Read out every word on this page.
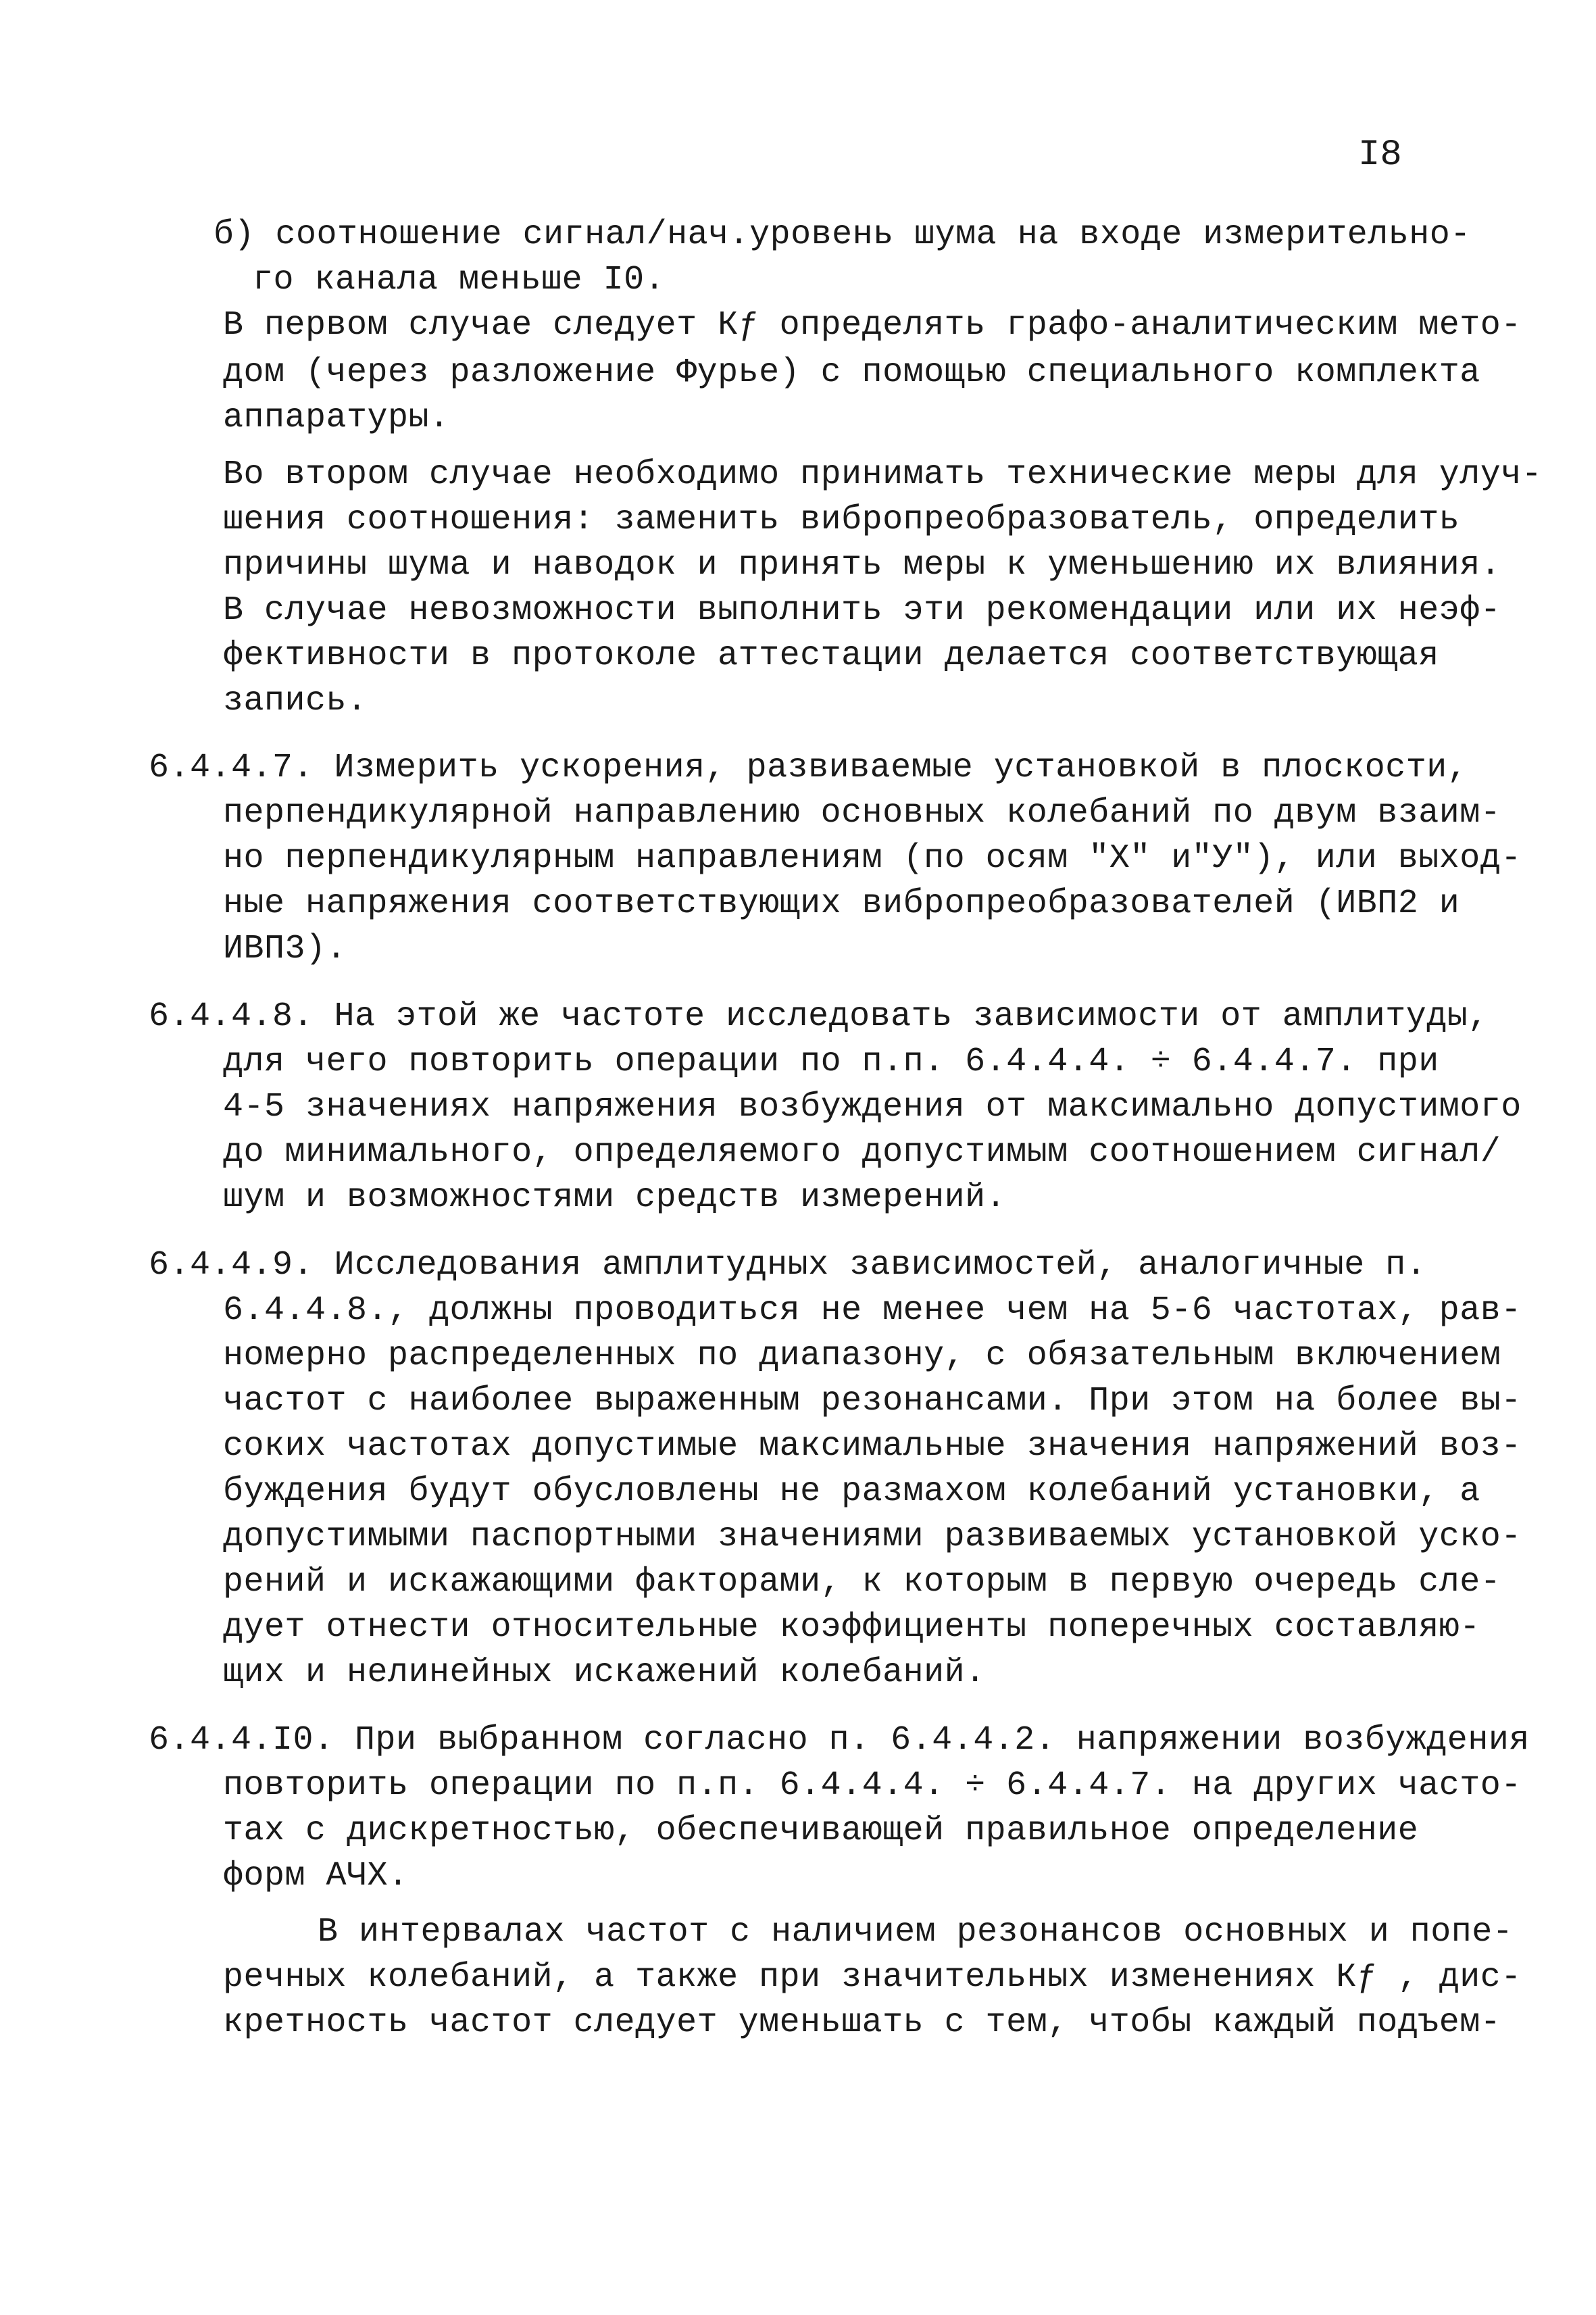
I8
б) соотношение сигнал/нач.уровень шума на входе измерительно-
го канала меньше I0.
В первом случае следует Кƒ определять графо-аналитическим мето-
дом (через разложение Фурье) с помощью специального комплекта
аппаратуры.
Во втором случае необходимо принимать технические меры для улуч-
шения соотношения: заменить вибропреобразователь, определить
причины шума и наводок и принять меры к уменьшению их влияния.
В случае невозможности выполнить эти рекомендации или их неэф-
фективности в протоколе аттестации делается соответствующая
запись.
6.4.4.7. Измерить ускорения, развиваемые установкой в плоскости,
перпендикулярной направлению основных колебаний по двум взаим-
но перпендикулярным направлениям (по осям "Х" и"У"), или выход-
ные напряжения соответствующих вибропреобразователей (ИВП2 и
ИВП3).
6.4.4.8. На этой же частоте исследовать зависимости от амплитуды,
для чего повторить операции по п.п. 6.4.4.4. ÷ 6.4.4.7. при
4-5 значениях напряжения возбуждения от максимально допустимого
до минимального, определяемого допустимым соотношением сигнал/
шум и возможностями средств измерений.
6.4.4.9. Исследования амплитудных зависимостей, аналогичные п.
6.4.4.8., должны проводиться не менее чем на 5-6 частотах, рав-
номерно распределенных по диапазону, с обязательным включением
частот с наиболее выраженным резонансами. При этом на более вы-
соких частотах допустимые максимальные значения напряжений воз-
буждения будут обусловлены не размахом колебаний установки, а
допустимыми паспортными значениями развиваемых установкой уско-
рений и искажающими факторами, к которым в первую очередь сле-
дует отнести относительные коэффициенты поперечных составляю-
щих и нелинейных искажений колебаний.
6.4.4.I0. При выбранном согласно п. 6.4.4.2. напряжении возбуждения
повторить операции по п.п. 6.4.4.4. ÷ 6.4.4.7. на других часто-
тах с дискретностью, обеспечивающей правильное определение
форм АЧХ.
В интервалах частот с наличием резонансов основных и попе-
речных колебаний, а также при значительных изменениях Кƒ , дис-
кретность частот следует уменьшать с тем, чтобы каждый подъем-
